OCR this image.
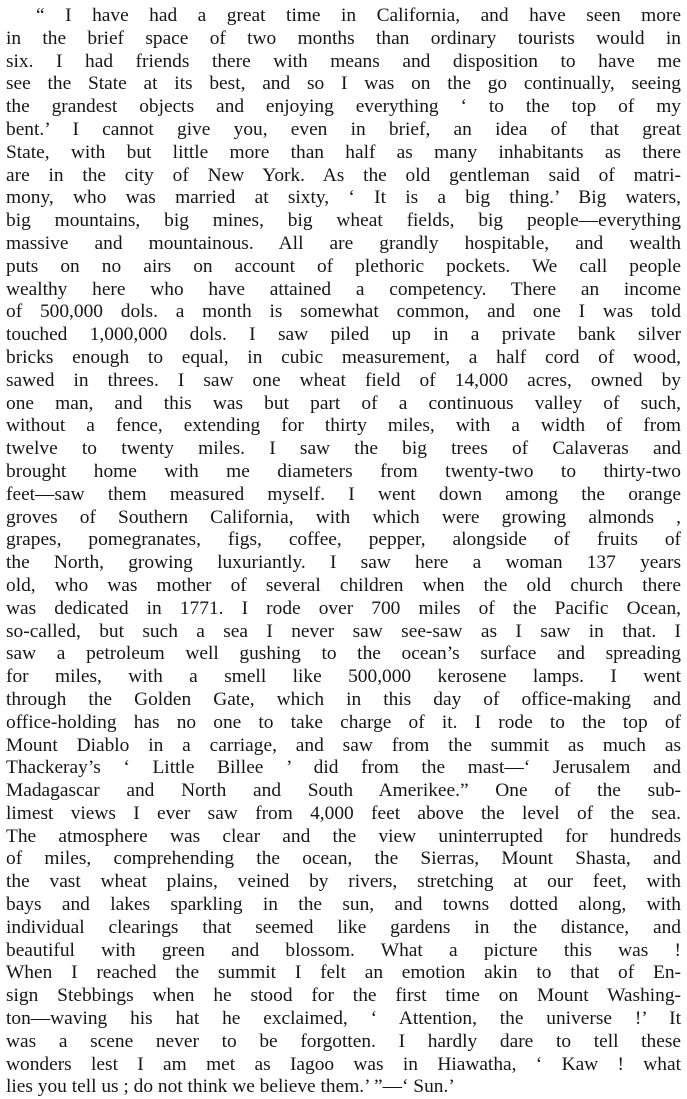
“ I have had a great time in California, and have seen more
in the brief space of two months than ordinary tourists would in
six. I had friends there with means and disposition to have me
see the State at its best, and so I was on the go continually, seeing
the grandest objects and enjoying everything ‘ to the top of my
bent.’ I cannot give you, even in brief, an idea of that great
State, with but little more than half as many inhabitants as there
are in the city of New York. As the old gentleman said of matri-
mony, who was married at sixty, ‘ It is a big thing.’ Big waters,
big mountains, big mines, big wheat fields, big people—everything
massive and mountainous. All are grandly hospitable, and wealth
puts on no airs on account of plethoric pockets. We call people
wealthy here who have attained a competency. There an income
of 500,000 dols. a month is somewhat common, and one I was told
touched 1,000,000 dols. I saw piled up in a private bank silver
bricks enough to equal, in cubic measurement, a half cord of wood,
sawed in threes. I saw one wheat field of 14,000 acres, owned by
one man, and this was but part of a continuous valley of such,
without a fence, extending for thirty miles, with a width of from
twelve to twenty miles. I saw the big trees of Calaveras and
brought home with me diameters from twenty-two to thirty-two
feet—saw them measured myself. I went down among the orange
groves of Southern California, with which were growing almonds ,
grapes, pomegranates, figs, coffee, pepper, alongside of fruits of
the North, growing luxuriantly. I saw here a woman 137 years
old, who was mother of several children when the old church there
was dedicated in 1771. I rode over 700 miles of the Pacific Ocean,
so-called, but such a sea I never saw see-saw as I saw in that. I
saw a petroleum well gushing to the ocean’s surface and spreading
for miles, with a smell like 500,000 kerosene lamps. I went
through the Golden Gate, which in this day of office-making and
office-holding has no one to take charge of it. I rode to the top of
Mount Diablo in a carriage, and saw from the summit as much as
Thackeray’s ‘ Little Billee ’ did from the mast—‘ Jerusalem and
Madagascar and North and South Amerikee.” One of the sub-
limest views I ever saw from 4,000 feet above the level of the sea.
The atmosphere was clear and the view uninterrupted for hundreds
of miles, comprehending the ocean, the Sierras, Mount Shasta, and
the vast wheat plains, veined by rivers, stretching at our feet, with
bays and lakes sparkling in the sun, and towns dotted along, with
individual clearings that seemed like gardens in the distance, and
beautiful with green and blossom. What a picture this was !
When I reached the summit I felt an emotion akin to that of En-
sign Stebbings when he stood for the first time on Mount Washing-
ton—waving his hat he exclaimed, ‘ Attention, the universe !’ It
was a scene never to be forgotten. I hardly dare to tell these
wonders lest I am met as Iagoo was in Hiawatha, ‘ Kaw ! what
lies you tell us ; do not think we believe them.’ ”—‘ Sun.’
